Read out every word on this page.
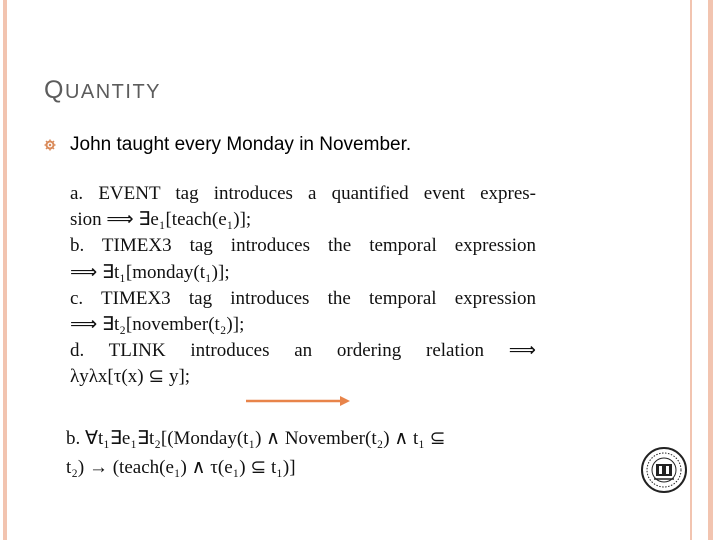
QUANTITY
John taught every Monday in November.
a. EVENT tag introduces a quantified event expres-
sion ⟹ ∃e₁[teach(e₁)];
b. TIMEX3 tag introduces the temporal expression
⟹ ∃t₁[monday(t₁)];
c. TIMEX3 tag introduces the temporal expression
⟹ ∃t₂[november(t₂)];
d. TLINK introduces an ordering relation ⟹
λyλx[τ(x) ⊆ y];
b. ∀t₁∃e₁∃t₂[(Monday(t₁) ∧ November(t₂) ∧ t₁ ⊆
t₂) → (teach(e₁) ∧ τ(e₁) ⊆ t₁)]
